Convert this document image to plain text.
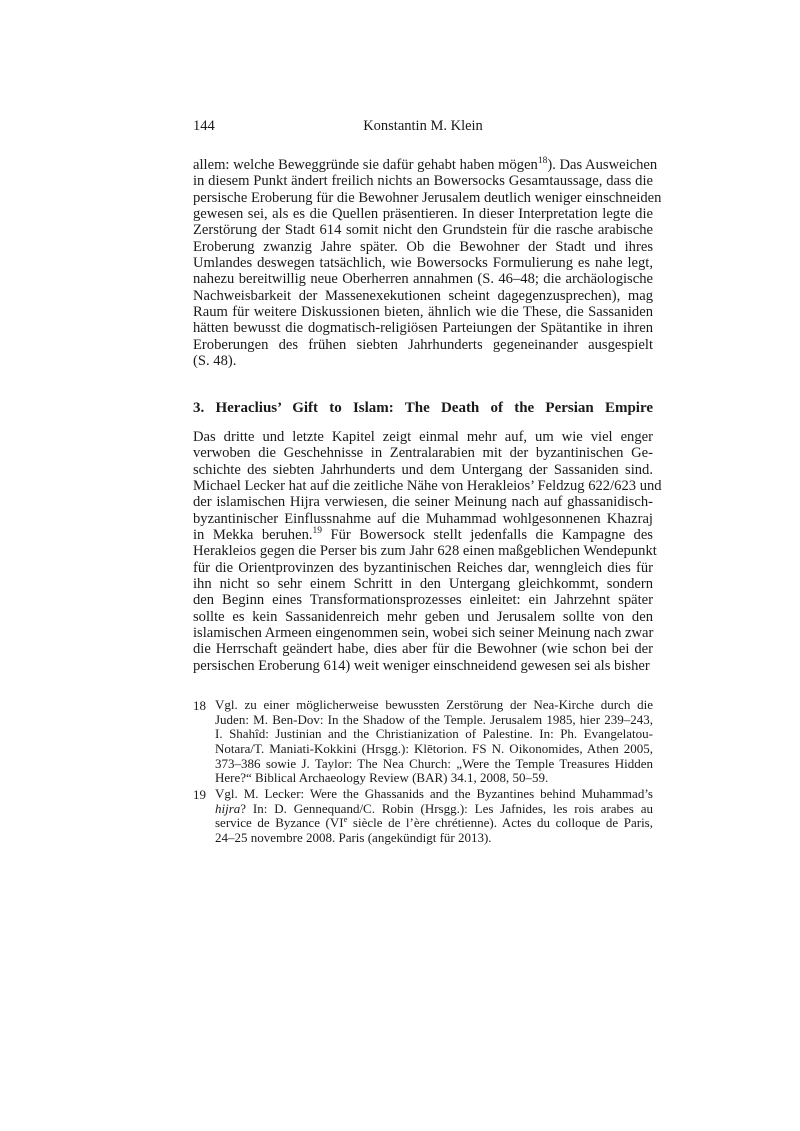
144	Konstantin M. Klein
allem: welche Beweggründe sie dafür gehabt haben mögen$^{18}$). Das Ausweichen
in diesem Punkt ändert freilich nichts an Bowersocks Gesamtaussage, dass die
persische Eroberung für die Bewohner Jerusalem deutlich weniger einschneiden
gewesen sei, als es die Quellen präsentieren. In dieser Interpretation legte die
Zerstörung der Stadt 614 somit nicht den Grundstein für die rasche arabische
Eroberung zwanzig Jahre später. Ob die Bewohner der Stadt und ihres
Umlandes deswegen tatsächlich, wie Bowersocks Formulierung es nahe legt,
nahezu bereitwillig neue Oberherren annahmen (S. 46–48; die archäologische
Nachweisbarkeit der Massenexekutionen scheint dagegenzusprechen), mag
Raum für weitere Diskussionen bieten, ähnlich wie die These, die Sassaniden
hätten bewusst die dogmatisch-religiösen Parteiungen der Spätantike in ihren
Eroberungen des frühen siebten Jahrhunderts gegeneinander ausgespielt
(S. 48).
3. Heraclius’ Gift to Islam: The Death of the Persian Empire
Das dritte und letzte Kapitel zeigt einmal mehr auf, um wie viel enger
verwoben die Geschehnisse in Zentralarabien mit der byzantinischen Ge-
schichte des siebten Jahrhunderts und dem Untergang der Sassaniden sind.
Michael Lecker hat auf die zeitliche Nähe von Herakleios’ Feldzug 622/623 und
der islamischen Hijra verwiesen, die seiner Meinung nach auf ghassanidisch-
byzantinischer Einflussnahme auf die Muhammad wohlgesonnenen Khazraj
in Mekka beruhen.$^{19}$ Für Bowersock stellt jedenfalls die Kampagne des
Herakleios gegen die Perser bis zum Jahr 628 einen maßgeblichen Wendepunkt
für die Orientprovinzen des byzantinischen Reiches dar, wenngleich dies für
ihn nicht so sehr einem Schritt in den Untergang gleichkommt, sondern
den Beginn eines Transformationsprozesses einleitet: ein Jahrzehnt später
sollte es kein Sassanidenreich mehr geben und Jerusalem sollte von den
islamischen Armeen eingenommen sein, wobei sich seiner Meinung nach zwar
die Herrschaft geändert habe, dies aber für die Bewohner (wie schon bei der
persischen Eroberung 614) weit weniger einschneidend gewesen sei als bisher
18 Vgl. zu einer möglicherweise bewussten Zerstörung der Nea-Kirche durch die
Juden: M. Ben-Dov: In the Shadow of the Temple. Jerusalem 1985, hier 239–243,
I. Shahîd: Justinian and the Christianization of Palestine. In: Ph. Evangelatou-
Notara/T. Maniati-Kokkini (Hrsgg.): Klētorion. FS N. Oikonomides, Athen 2005,
373–386 sowie J. Taylor: The Nea Church: „Were the Temple Treasures Hidden
Here?“ Biblical Archaeology Review (BAR) 34.1, 2008, 50–59.
19 Vgl. M. Lecker: Were the Ghassanids and the Byzantines behind Muhammad’s
hijra? In: D. Gennequand/C. Robin (Hrsgg.): Les Jafnides, les rois arabes au
service de Byzance (VIe siècle de l’ère chrétienne). Actes du colloque de Paris,
24–25 novembre 2008. Paris (angekündigt für 2013).
